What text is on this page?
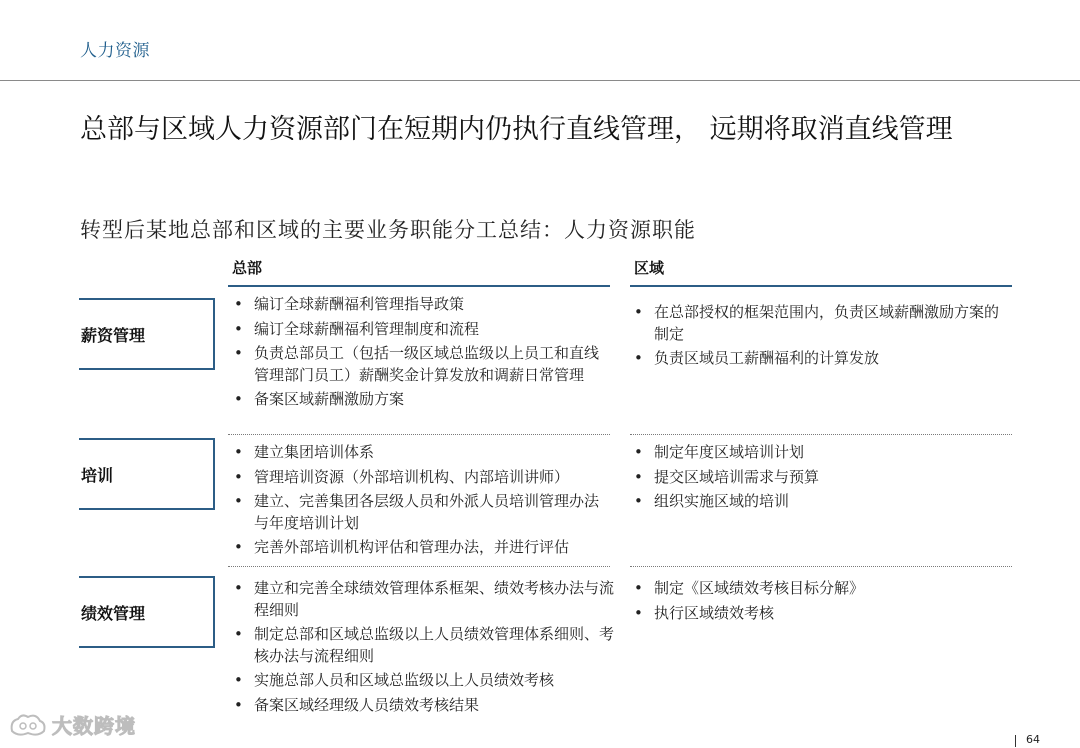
人力资源
总部与区域人力资源部门在短期内仍执行直线管理， 远期将取消直线管理
转型后某地总部和区域的主要业务职能分工总结：人力资源职能
总部	区域
薪资管理
• 编订全球薪酬福利管理指导政策
• 编订全球薪酬福利管理制度和流程
• 负责总部员工（包括一级区域总监级以上员工和直线管理部门员工）薪酬奖金计算发放和调薪日常管理
• 备案区域薪酬激励方案
• 在总部授权的框架范围内，负责区域薪酬激励方案的制定
• 负责区域员工薪酬福利的计算发放
培训
• 建立集团培训体系
• 管理培训资源（外部培训机构、内部培训讲师）
• 建立、完善集团各层级人员和外派人员培训管理办法与年度培训计划
• 完善外部培训机构评估和管理办法，并进行评估
• 制定年度区域培训计划
• 提交区域培训需求与预算
• 组织实施区域的培训
绩效管理
• 建立和完善全球绩效管理体系框架、绩效考核办法与流程细则
• 制定总部和区域总监级以上人员绩效管理体系细则、考核办法与流程细则
• 实施总部人员和区域总监级以上人员绩效考核
• 备案区域经理级人员绩效考核结果
• 制定《区域绩效考核目标分解》
• 执行区域绩效考核
大数跨境
64
